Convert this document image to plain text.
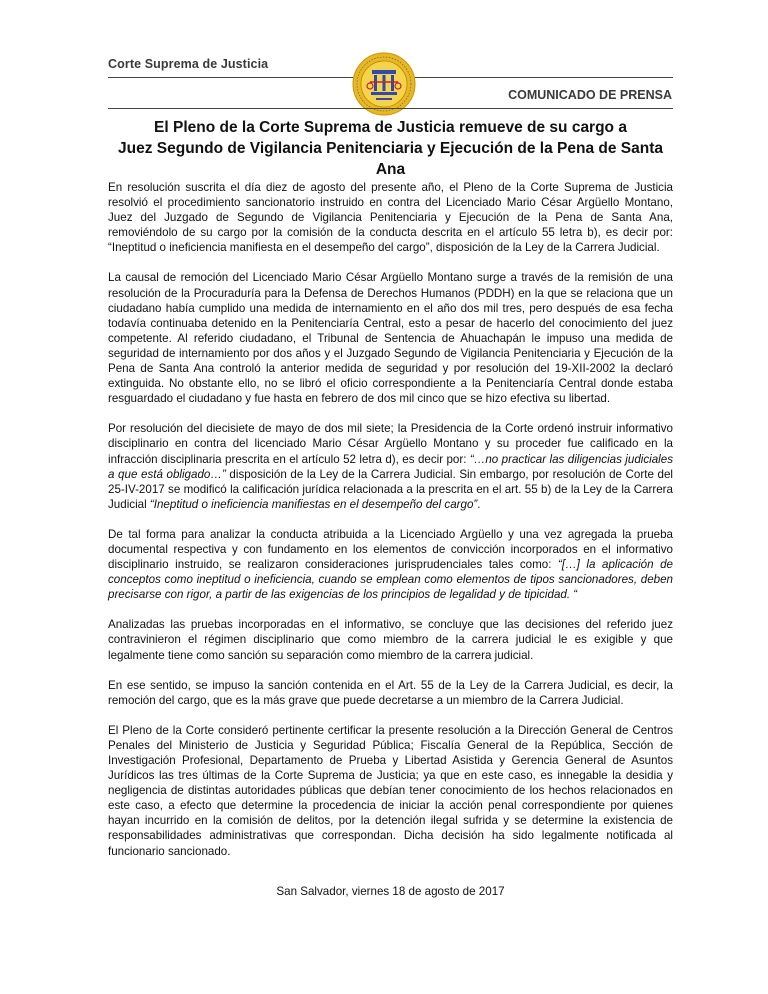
Corte Suprema de Justicia
COMUNICADO DE PRENSA
El Pleno de la Corte Suprema de Justicia remueve de su cargo a
Juez Segundo de Vigilancia Penitenciaria y Ejecución de la Pena de Santa Ana

En resolución suscrita el día diez de agosto del presente año, el Pleno de la Corte Suprema de Justicia resolvió el procedimiento sancionatorio instruido en contra del Licenciado Mario César Argüello Montano, Juez del Juzgado de Segundo de Vigilancia Penitenciaria y Ejecución de la Pena de Santa Ana, removiéndolo de su cargo por la comisión de la conducta descrita en el artículo 55 letra b), es decir por: “Ineptitud o ineficiencia manifiesta en el desempeño del cargo”, disposición de la Ley de la Carrera Judicial.

La causal de remoción del Licenciado Mario César Argüello Montano surge a través de la remisión de una resolución de la Procuraduría para la Defensa de Derechos Humanos (PDDH) en la que se relaciona que un ciudadano había cumplido una medida de internamiento en el año dos mil tres, pero después de esa fecha todavía continuaba detenido en la Penitenciaría Central, esto a pesar de hacerlo del conocimiento del juez competente. Al referido ciudadano, el Tribunal de Sentencia de Ahuachapán le impuso una medida de seguridad de internamiento por dos años y el Juzgado Segundo de Vigilancia Penitenciaria y Ejecución de la Pena de Santa Ana controló la anterior medida de seguridad y por resolución del 19-XII-2002 la declaró extinguida. No obstante ello, no se libró el oficio correspondiente a la Penitenciaría Central donde estaba resguardado el ciudadano y fue hasta en febrero de dos mil cinco que se hizo efectiva su libertad.

Por resolución del diecisiete de mayo de dos mil siete; la Presidencia de la Corte ordenó instruir informativo disciplinario en contra del licenciado Mario César Argüello Montano y su proceder fue calificado en la infracción disciplinaria prescrita en el artículo 52 letra d), es decir por: “…no practicar las diligencias judiciales a que está obligado…” disposición de la Ley de la Carrera Judicial. Sin embargo, por resolución de Corte del 25-IV-2017 se modificó la calificación jurídica relacionada a la prescrita en el art. 55 b) de la Ley de la Carrera Judicial “Ineptitud o ineficiencia manifiestas en el desempeño del cargo”.

De tal forma para analizar la conducta atribuida a la Licenciado Argüello y una vez agregada la prueba documental respectiva y con fundamento en los elementos de convicción incorporados en el informativo disciplinario instruido, se realizaron consideraciones jurisprudenciales tales como: “[…] la aplicación de conceptos como ineptitud o ineficiencia, cuando se emplean como elementos de tipos sancionadores, deben precisarse con rigor, a partir de las exigencias de los principios de legalidad y de tipicidad. “

Analizadas las pruebas incorporadas en el informativo, se concluye que las decisiones del referido juez contravinieron el régimen disciplinario que como miembro de la carrera judicial le es exigible y que legalmente tiene como sanción su separación como miembro de la carrera judicial.

En ese sentido, se impuso la sanción contenida en el Art. 55 de la Ley de la Carrera Judicial, es decir, la remoción del cargo, que es la más grave que puede decretarse a un miembro de la Carrera Judicial.

El Pleno de la Corte consideró pertinente certificar la presente resolución a la Dirección General de Centros Penales del Ministerio de Justicia y Seguridad Pública; Fiscalía General de la República, Sección de Investigación Profesional, Departamento de Prueba y Libertad Asistida y Gerencia General de Asuntos Jurídicos las tres últimas de la Corte Suprema de Justicia; ya que en este caso, es innegable la desidia y negligencia de distintas autoridades públicas que debían tener conocimiento de los hechos relacionados en este caso, a efecto que determine la procedencia de iniciar la acción penal correspondiente por quienes hayan incurrido en la comisión de delitos, por la detención ilegal sufrida y se determine la existencia de responsabilidades administrativas que correspondan. Dicha decisión ha sido legalmente notificada al funcionario sancionado.

San Salvador, viernes 18 de agosto de 2017
